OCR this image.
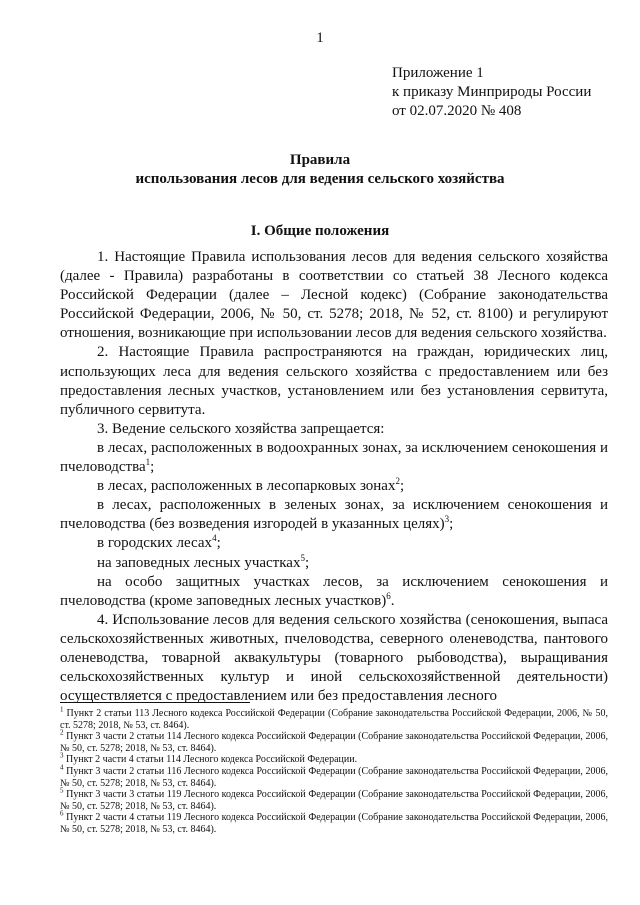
1
Приложение 1
к приказу Минприроды России
от 02.07.2020 № 408
Правила
использования лесов для ведения сельского хозяйства
I. Общие положения

1. Настоящие Правила использования лесов для ведения сельского хозяйства (далее - Правила) разработаны в соответствии со статьей 38 Лесного кодекса Российской Федерации (далее – Лесной кодекс) (Собрание законодательства Российской Федерации, 2006, № 50, ст. 5278; 2018, № 52, ст. 8100) и регулируют отношения, возникающие при использовании лесов для ведения сельского хозяйства.

2. Настоящие Правила распространяются на граждан, юридических лиц, использующих леса для ведения сельского хозяйства с предоставлением или без предоставления лесных участков, установлением или без установления сервитута, публичного сервитута.

3. Ведение сельского хозяйства запрещается:

в лесах, расположенных в водоохранных зонах, за исключением сенокошения и пчеловодства$^1$;

в лесах, расположенных в лесопарковых зонах$^2$;

в лесах, расположенных в зеленых зонах, за исключением сенокошения и пчеловодства (без возведения изгородей в указанных целях)$^3$;

в городских лесах$^4$;

на заповедных лесных участках$^5$;

на особо защитных участках лесов, за исключением сенокошения и пчеловодства (кроме заповедных лесных участков)$^6$.

4. Использование лесов для ведения сельского хозяйства (сенокошения, выпаса сельскохозяйственных животных, пчеловодства, северного оленеводства, пантового оленеводства, товарной аквакультуры (товарного рыбоводства), выращивания сельскохозяйственных культур и иной сельскохозяйственной деятельности) осуществляется с предоставлением или без предоставления лесного

$^1$ Пункт 2 статьи 113 Лесного кодекса Российской Федерации (Собрание законодательства Российской Федерации, 2006, № 50, ст. 5278; 2018, № 53, ст. 8464).

$^2$ Пункт 3 части 2 статьи 114 Лесного кодекса Российской Федерации (Собрание законодательства Российской Федерации, 2006, № 50, ст. 5278; 2018, № 53, ст. 8464).

$^3$ Пункт 2 части 4 статьи 114 Лесного кодекса Российской Федерации.

$^4$ Пункт 3 части 2 статьи 116 Лесного кодекса Российской Федерации (Собрание законодательства Российской Федерации, 2006, № 50, ст. 5278; 2018, № 53, ст. 8464).

$^5$ Пункт 3 части 3 статьи 119 Лесного кодекса Российской Федерации (Собрание законодательства Российской Федерации, 2006, № 50, ст. 5278; 2018, № 53, ст. 8464).

$^6$ Пункт 2 части 4 статьи 119 Лесного кодекса Российской Федерации (Собрание законодательства Российской Федерации, 2006, № 50, ст. 5278; 2018, № 53, ст. 8464).
